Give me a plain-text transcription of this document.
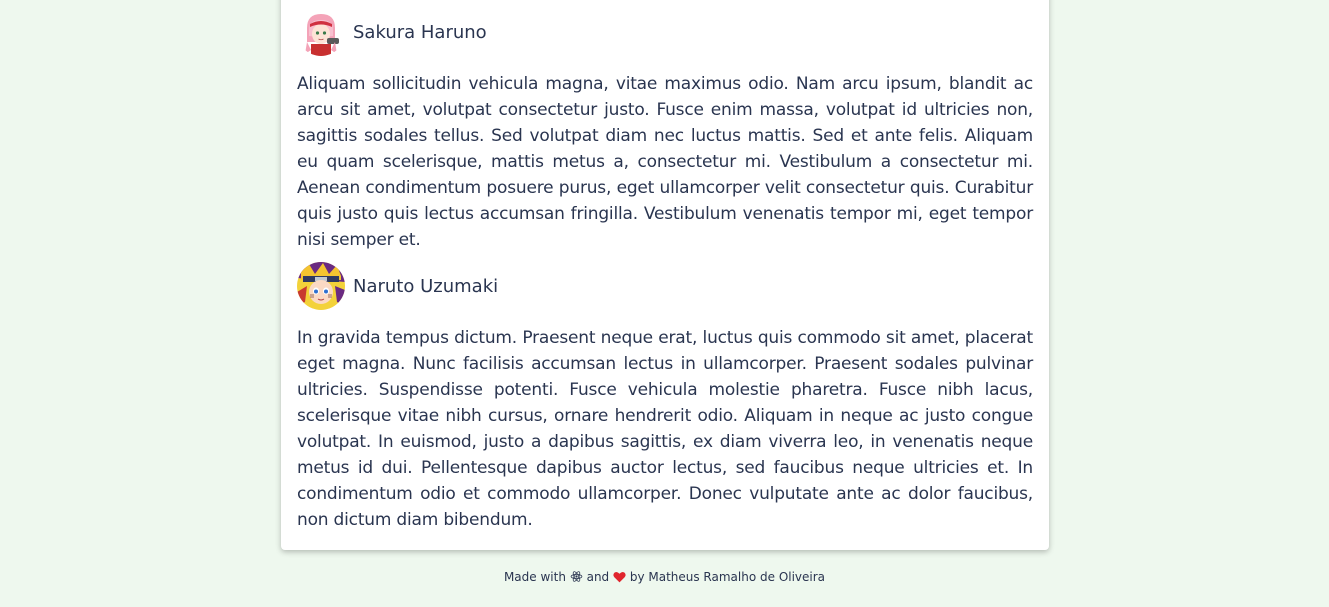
Sakura Haruno

Aliquam sollicitudin vehicula magna, vitae maximus odio. Nam arcu ipsum, blandit ac arcu sit amet, volutpat consectetur justo. Fusce enim massa, volutpat id ultricies non, sagittis sodales tellus. Sed volutpat diam nec luctus mattis. Sed et ante felis. Aliquam eu quam scelerisque, mattis metus a, consectetur mi. Vestibulum a consectetur mi. Aenean condimentum posuere purus, eget ullamcorper velit consectetur quis. Curabitur quis justo quis lectus accumsan fringilla. Vestibulum venenatis tempor mi, eget tempor nisi semper et.

Naruto Uzumaki

In gravida tempus dictum. Praesent neque erat, luctus quis commodo sit amet, placerat eget magna. Nunc facilisis accumsan lectus in ullamcorper. Praesent sodales pulvinar ultricies. Suspendisse potenti. Fusce vehicula molestie pharetra. Fusce nibh lacus, scelerisque vitae nibh cursus, ornare hendrerit odio. Aliquam in neque ac justo congue volutpat. In euismod, justo a dapibus sagittis, ex diam viverra leo, in venenatis neque metus id dui. Pellentesque dapibus auctor lectus, sed faucibus neque ultricies et. In condimentum odio et commodo ullamcorper. Donec vulputate ante ac dolor faucibus, non dictum diam bibendum.

Made with and by Matheus Ramalho de Oliveira
